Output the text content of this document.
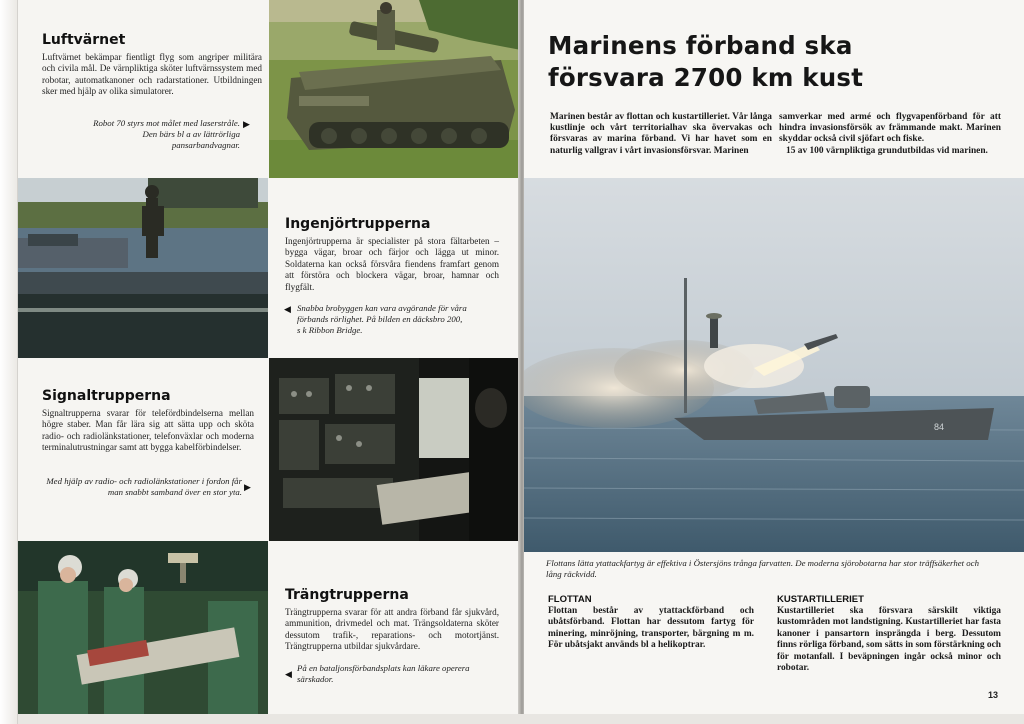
Luftvärnet
Luftvärnet bekämpar fientligt flyg som angriper militära och civila mål. De värnpliktiga sköter luftvärnssystem med robotar, automatkanoner och radarstationer. Utbildningen sker med hjälp av olika simulatorer.
Robot 70 styrs mot målet med laserstråle. Den bärs bl a av lättrörliga pansarbandvagnar.
▶
Ingenjörtrupperna
Ingenjörtrupperna är specialister på stora fältarbeten – bygga vägar, broar och färjor och lägga ut minor. Soldaterna kan också försvåra fiendens framfart genom att förstöra och blockera vägar, broar, hamnar och flygfält.
◀ Snabba brobyggen kan vara avgörande för våra förbands rörlighet. På bilden en däcksbro 200, s k Ribbon Bridge.
Signaltrupperna
Signaltrupperna svarar för telefördbindelserna mellan högre staber. Man får lära sig att sätta upp och sköta radio- och radiolänkstationer, telefonväxlar och moderna terminalutrustningar samt att bygga kabelförbindelser.
Med hjälp av radio- och radiolänkstationer i fordon får man snabbt samband över en stor yta. ▶
Trängtrupperna
Trängtrupperna svarar för att andra förband får sjukvård, ammunition, drivmedel och mat. Trängsoldaterna sköter dessutom trafik-, reparations- och motortjänst. Trängtrupperna utbildar sjukvårdare.
◀
På en bataljonsförbandsplats kan läkare operera särskador.
Marinens förband ska
försvara 2700 km kust
Marinen består av flottan och kustartilleriet. Vår långa kustlinje och vårt territorialhav ska övervakas och försvaras av marina förband. Vi har havet som en naturlig vallgrav i vårt invasionsförsvar. Marinen
samverkar med armé och flygvapenförband för att hindra invasionsförsök av främmande makt. Marinen skyddar också civil sjöfart och fiske.
15 av 100 värnpliktiga grundutbildas vid marinen.
84
Flottans lätta ytattackfartyg är effektiva i Östersjöns trånga farvatten. De moderna sjörobotarna har stor träffsäkerhet och lång räckvidd.
FLOTTAN
Flottan består av ytattackförband och ubåtsförband. Flottan har dessutom fartyg för minering, minröjning, transporter, bärgning m m. För ubåtsjakt används bl a helikoptrar.
KUSTARTILLERIET
Kustartilleriet ska försvara särskilt viktiga kustområden mot landstigning. Kustartilleriet har fasta kanoner i pansartorn insprängda i berg. Dessutom finns rörliga förband, som sätts in som förstärkning och för motanfall. I beväpningen ingår också minor och robotar.
13
